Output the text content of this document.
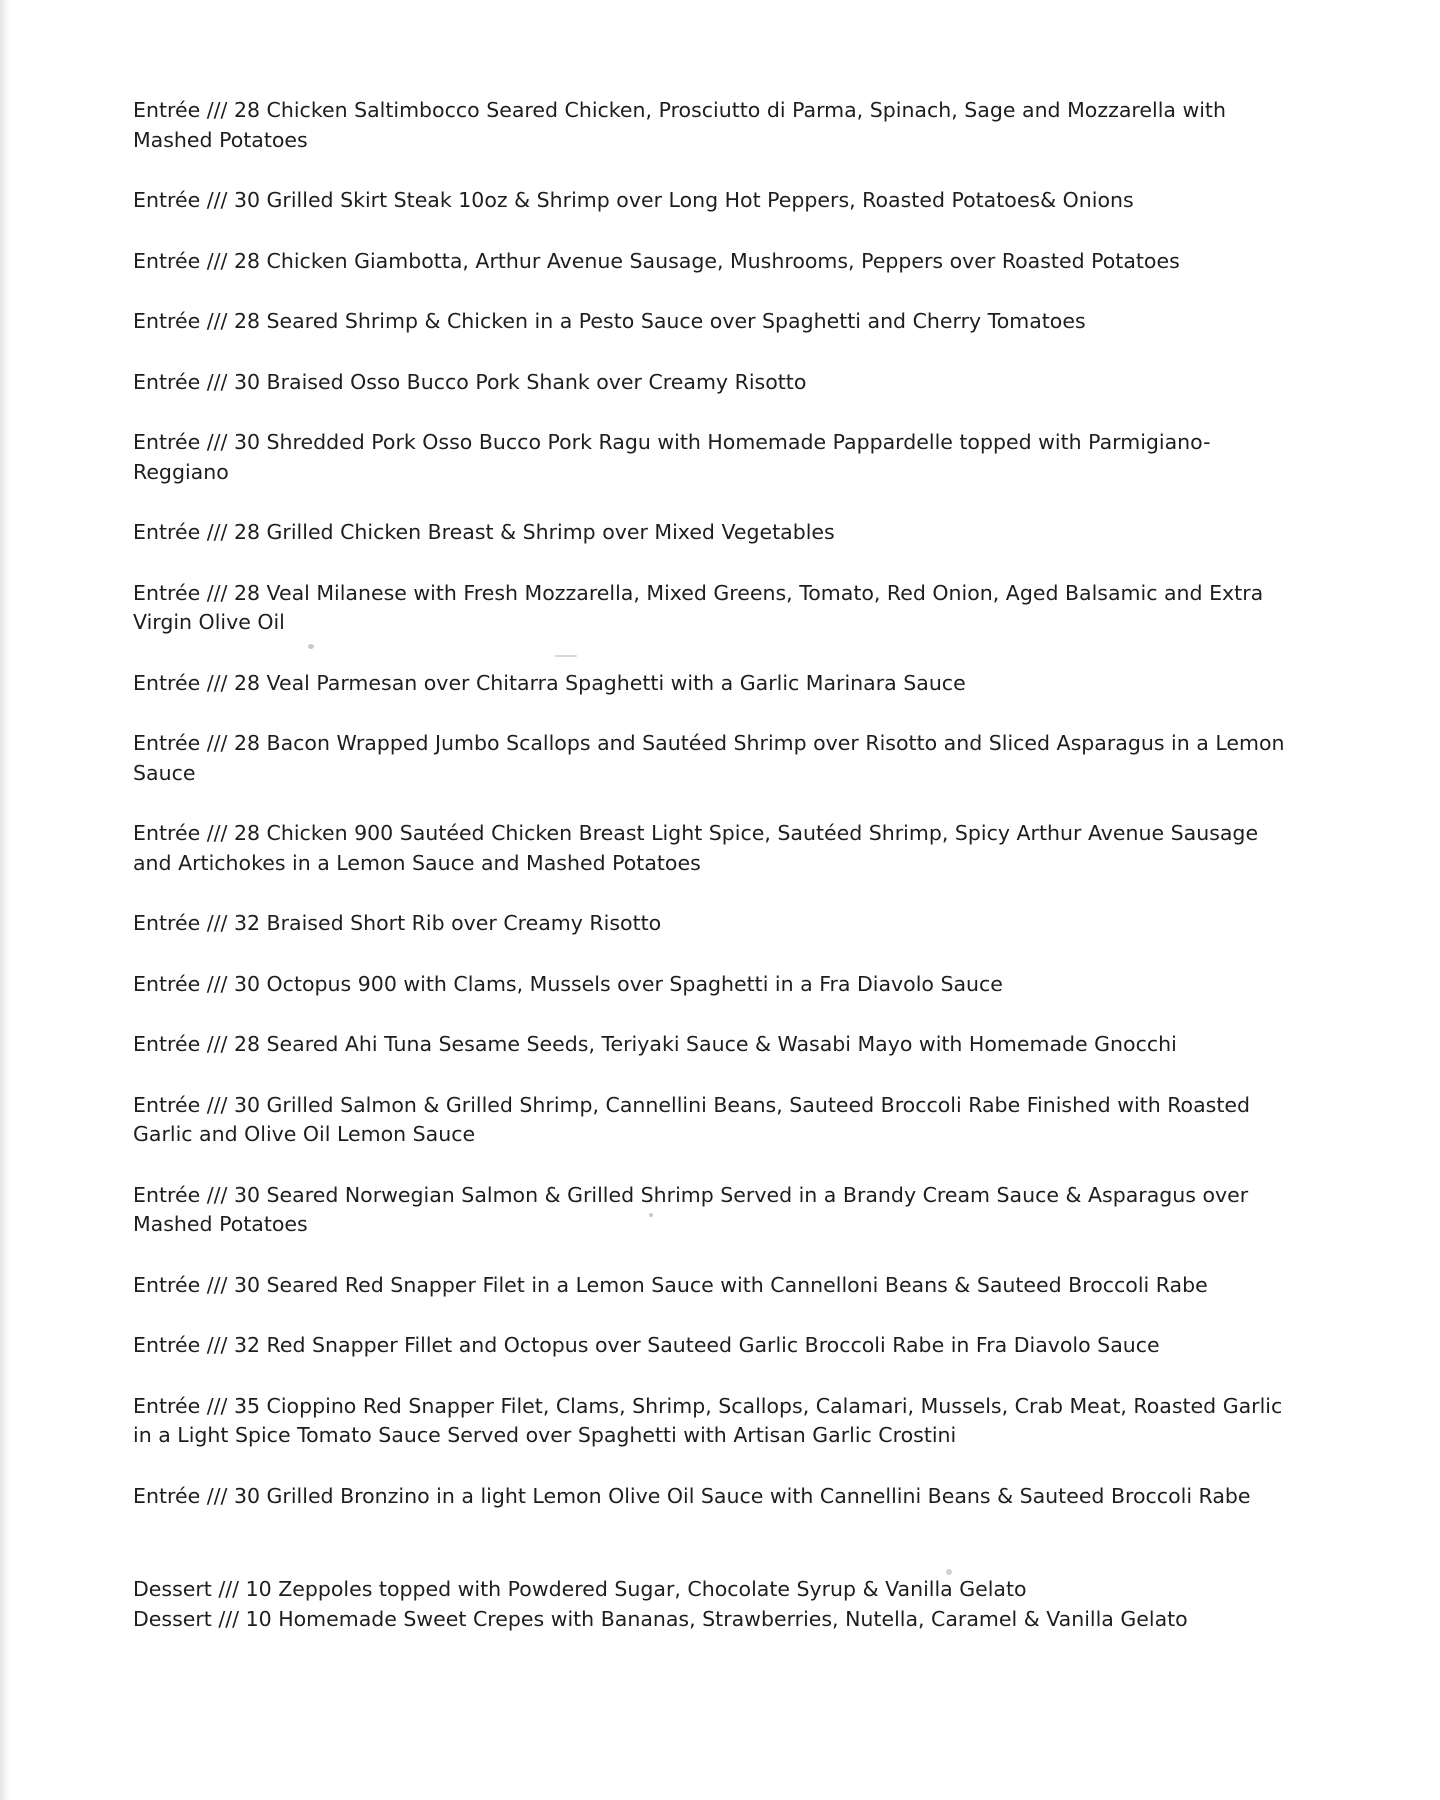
Entrée /// 28 Chicken Saltimbocco Seared Chicken, Prosciutto di Parma, Spinach, Sage and Mozzarella with Mashed Potatoes
Entrée /// 30 Grilled Skirt Steak 10oz & Shrimp over Long Hot Peppers, Roasted Potatoes& Onions
Entrée /// 28 Chicken Giambotta, Arthur Avenue Sausage, Mushrooms, Peppers over Roasted Potatoes
Entrée /// 28 Seared Shrimp & Chicken in a Pesto Sauce over Spaghetti and Cherry Tomatoes
Entrée /// 30 Braised Osso Bucco Pork Shank over Creamy Risotto
Entrée /// 30 Shredded Pork Osso Bucco Pork Ragu with Homemade Pappardelle topped with Parmigiano-Reggiano
Entrée /// 28 Grilled Chicken Breast & Shrimp over Mixed Vegetables
Entrée /// 28 Veal Milanese with Fresh Mozzarella, Mixed Greens, Tomato, Red Onion, Aged Balsamic and Extra Virgin Olive Oil
Entrée /// 28 Veal Parmesan over Chitarra Spaghetti with a Garlic Marinara Sauce
Entrée /// 28 Bacon Wrapped Jumbo Scallops and Sautéed Shrimp over Risotto and Sliced Asparagus in a Lemon Sauce
Entrée /// 28 Chicken 900 Sautéed Chicken Breast Light Spice, Sautéed Shrimp, Spicy Arthur Avenue Sausage and Artichokes in a Lemon Sauce and Mashed Potatoes
Entrée /// 32 Braised Short Rib over Creamy Risotto
Entrée /// 30 Octopus 900 with Clams, Mussels over Spaghetti in a Fra Diavolo Sauce
Entrée /// 28 Seared Ahi Tuna Sesame Seeds, Teriyaki Sauce & Wasabi Mayo with Homemade Gnocchi
Entrée /// 30 Grilled Salmon & Grilled Shrimp, Cannellini Beans, Sauteed Broccoli Rabe Finished with Roasted Garlic and Olive Oil Lemon Sauce
Entrée /// 30 Seared Norwegian Salmon & Grilled Shrimp Served in a Brandy Cream Sauce & Asparagus over Mashed Potatoes
Entrée /// 30 Seared Red Snapper Filet in a Lemon Sauce with Cannelloni Beans & Sauteed Broccoli Rabe
Entrée /// 32 Red Snapper Fillet and Octopus over Sauteed Garlic Broccoli Rabe in Fra Diavolo Sauce
Entrée /// 35 Cioppino Red Snapper Filet, Clams, Shrimp, Scallops, Calamari, Mussels, Crab Meat, Roasted Garlic in a Light Spice Tomato Sauce Served over Spaghetti with Artisan Garlic Crostini
Entrée /// 30 Grilled Bronzino in a light Lemon Olive Oil Sauce with Cannellini Beans & Sauteed Broccoli Rabe
Dessert /// 10 Zeppoles topped with Powdered Sugar, Chocolate Syrup & Vanilla Gelato
Dessert /// 10 Homemade Sweet Crepes with Bananas, Strawberries, Nutella, Caramel & Vanilla Gelato
